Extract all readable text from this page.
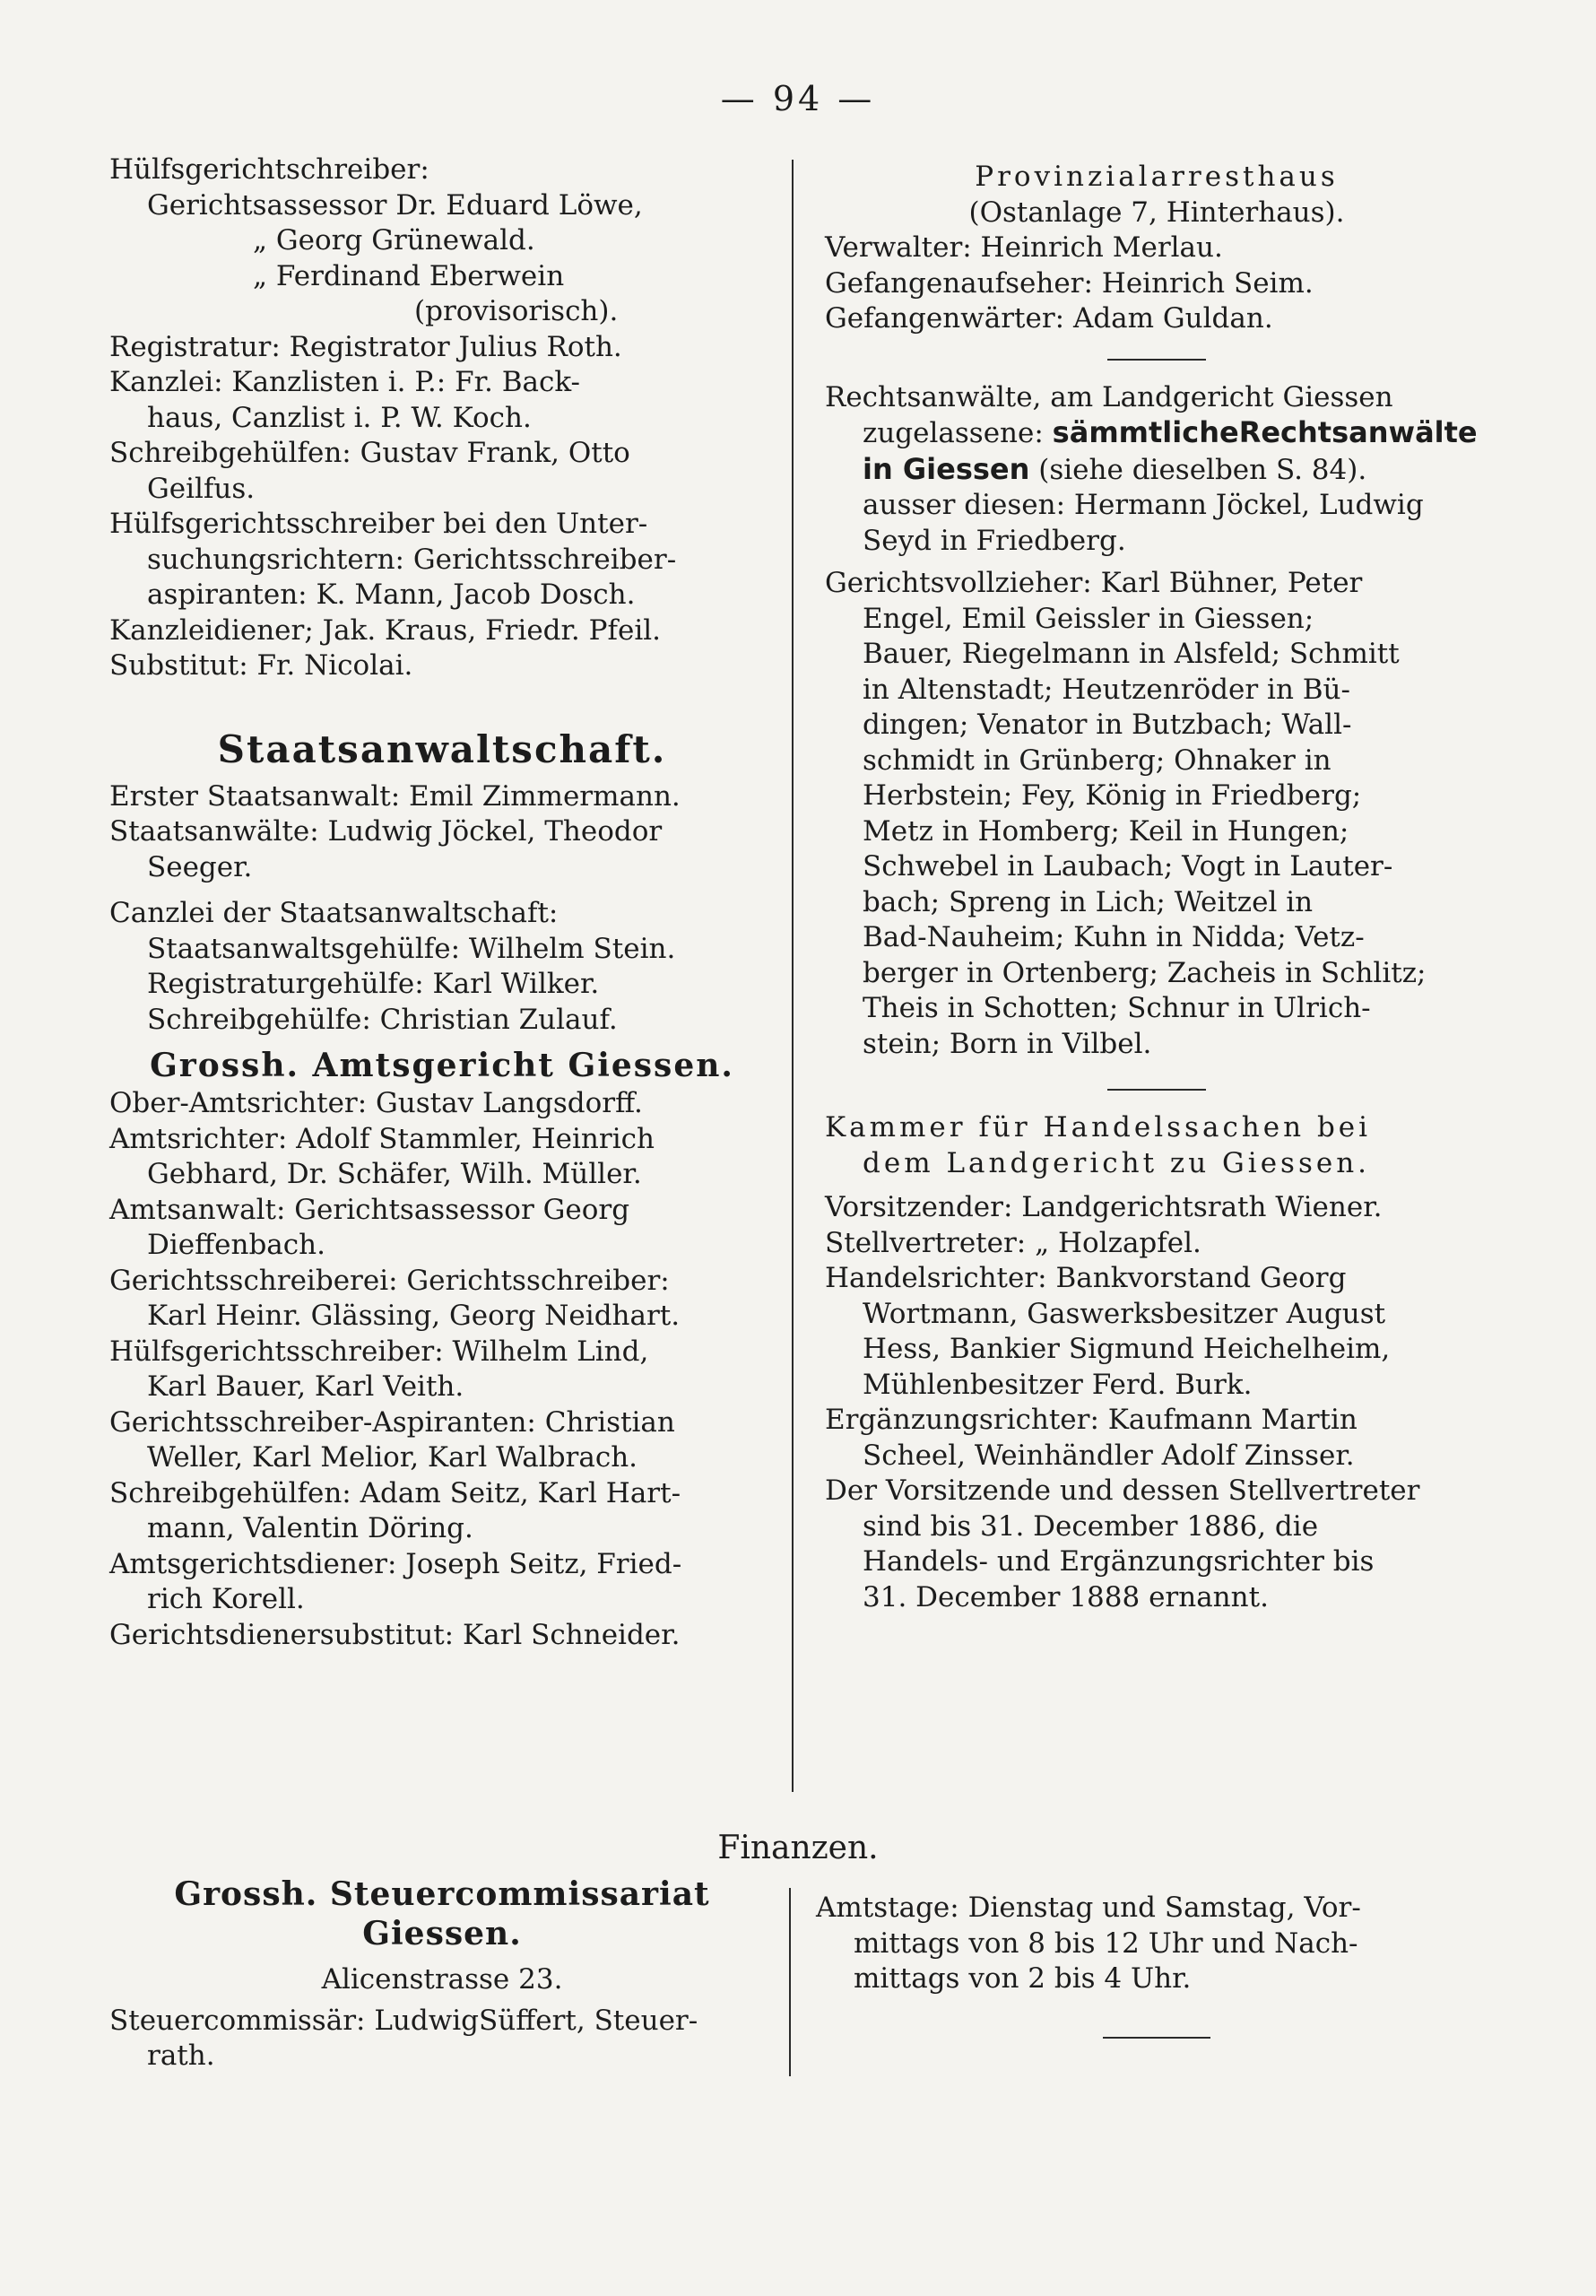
— 94 —
Hülfsgerichtschreiber:
Gerichtsassessor Dr. Eduard Löwe,
„ Georg Grünewald.
„ Ferdinand Eberwein
(provisorisch).
Registratur: Registrator Julius Roth.
Kanzlei: Kanzlisten i. P.: Fr. Back-
haus, Canzlist i. P. W. Koch.
Schreibgehülfen: Gustav Frank, Otto
Geilfus.
Hülfsgerichtsschreiber bei den Unter-
suchungsrichtern: Gerichtsschreiber-
aspiranten: K. Mann, Jacob Dosch.
Kanzleidiener; Jak. Kraus, Friedr. Pfeil.
Substitut: Fr. Nicolai.
Staatsanwaltschaft.
Erster Staatsanwalt: Emil Zimmermann.
Staatsanwälte: Ludwig Jöckel, Theodor
Seeger.
Canzlei der Staatsanwaltschaft:
Staatsanwaltsgehülfe: Wilhelm Stein.
Registraturgehülfe: Karl Wilker.
Schreibgehülfe: Christian Zulauf.
Grossh. Amtsgericht Giessen.
Ober-Amtsrichter: Gustav Langsdorff.
Amtsrichter: Adolf Stammler, Heinrich
Gebhard, Dr. Schäfer, Wilh. Müller.
Amtsanwalt: Gerichtsassessor Georg
Dieffenbach.
Gerichtsschreiberei: Gerichtsschreiber:
Karl Heinr. Glässing, Georg Neidhart.
Hülfsgerichtsschreiber: Wilhelm Lind,
Karl Bauer, Karl Veith.
Gerichtsschreiber-Aspiranten: Christian
Weller, Karl Melior, Karl Walbrach.
Schreibgehülfen: Adam Seitz, Karl Hart-
mann, Valentin Döring.
Amtsgerichtsdiener: Joseph Seitz, Fried-
rich Korell.
Gerichtsdienersubstitut: Karl Schneider.
Provinzialarresthaus
(Ostanlage 7, Hinterhaus).
Verwalter: Heinrich Merlau.
Gefangenaufseher: Heinrich Seim.
Gefangenwärter: Adam Guldan.
Rechtsanwälte, am Landgericht Giessen
zugelassene: sämmtlicheRechtsanwälte
in Giessen (siehe dieselben S. 84).
ausser diesen: Hermann Jöckel, Ludwig
Seyd in Friedberg.
Gerichtsvollzieher: Karl Bühner, Peter
Engel, Emil Geissler in Giessen;
Bauer, Riegelmann in Alsfeld; Schmitt
in Altenstadt; Heutzenröder in Bü-
dingen; Venator in Butzbach; Wall-
schmidt in Grünberg; Ohnaker in
Herbstein; Fey, König in Friedberg;
Metz in Homberg; Keil in Hungen;
Schwebel in Laubach; Vogt in Lauter-
bach; Spreng in Lich; Weitzel in
Bad-Nauheim; Kuhn in Nidda; Vetz-
berger in Ortenberg; Zacheis in Schlitz;
Theis in Schotten; Schnur in Ulrich-
stein; Born in Vilbel.
Kammer für Handelssachen bei
dem Landgericht zu Giessen.
Vorsitzender: Landgerichtsrath Wiener.
Stellvertreter: „ Holzapfel.
Handelsrichter: Bankvorstand Georg
Wortmann, Gaswerksbesitzer August
Hess, Bankier Sigmund Heichelheim,
Mühlenbesitzer Ferd. Burk.
Ergänzungsrichter: Kaufmann Martin
Scheel, Weinhändler Adolf Zinsser.
Der Vorsitzende und dessen Stellvertreter
sind bis 31. December 1886, die
Handels- und Ergänzungsrichter bis
31. December 1888 ernannt.
Finanzen.
Grossh. Steuercommissariat
Giessen.
Alicenstrasse 23.
Steuercommissär: LudwigSüffert, Steuer-
rath.
Amtstage: Dienstag und Samstag, Vor-
mittags von 8 bis 12 Uhr und Nach-
mittags von 2 bis 4 Uhr.
